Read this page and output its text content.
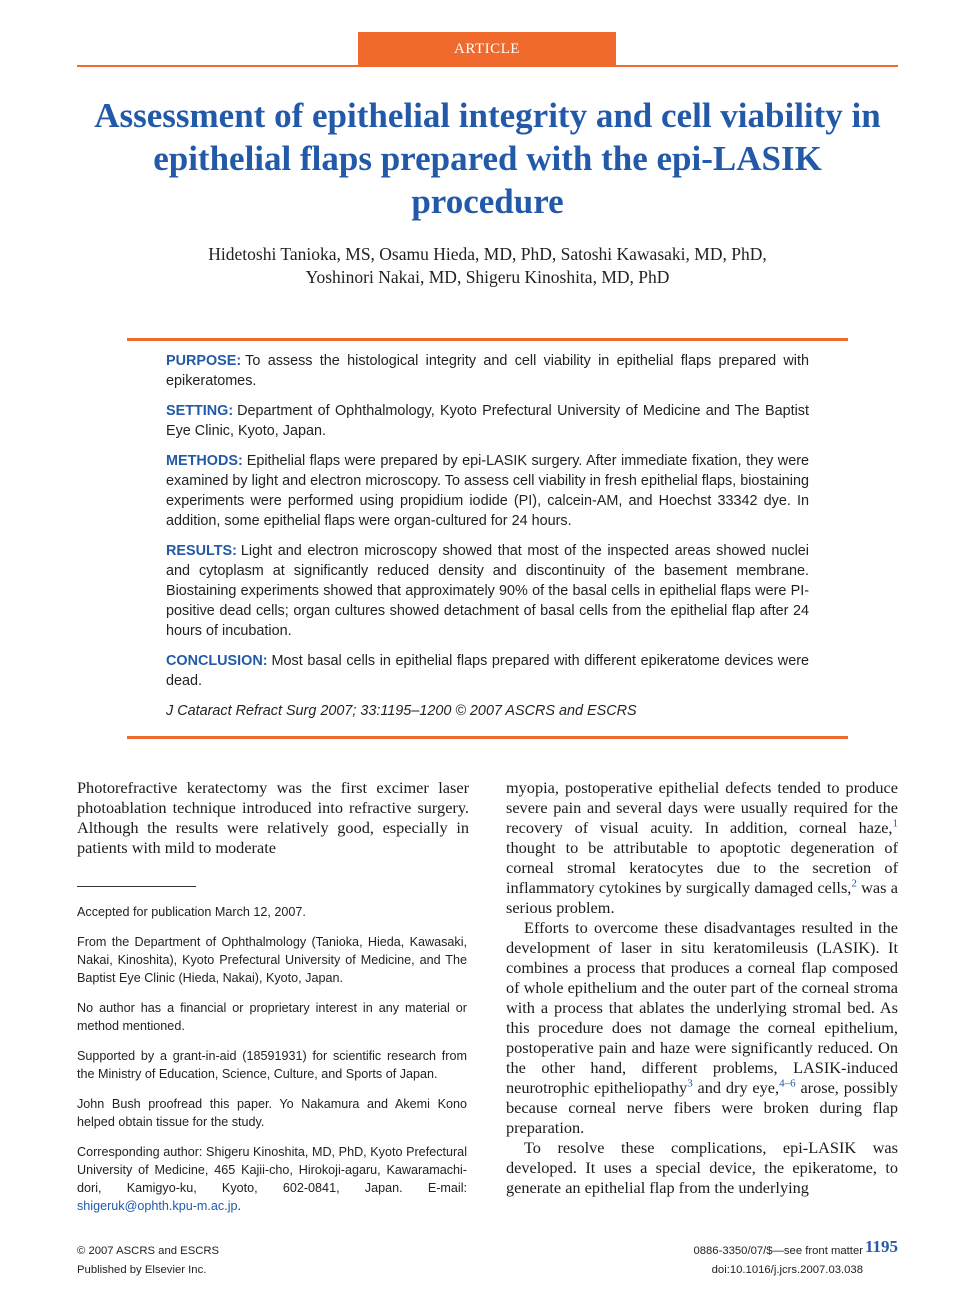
ARTICLE
Assessment of epithelial integrity and cell viability in epithelial flaps prepared with the epi-LASIK procedure
Hidetoshi Tanioka, MS, Osamu Hieda, MD, PhD, Satoshi Kawasaki, MD, PhD,
Yoshinori Nakai, MD, Shigeru Kinoshita, MD, PhD

PURPOSE: To assess the histological integrity and cell viability in epithelial flaps prepared with epikeratomes.

SETTING: Department of Ophthalmology, Kyoto Prefectural University of Medicine and The Baptist Eye Clinic, Kyoto, Japan.

METHODS: Epithelial flaps were prepared by epi-LASIK surgery. After immediate fixation, they were examined by light and electron microscopy. To assess cell viability in fresh epithelial flaps, biostaining experiments were performed using propidium iodide (PI), calcein-AM, and Hoechst 33342 dye. In addition, some epithelial flaps were organ-cultured for 24 hours.

RESULTS: Light and electron microscopy showed that most of the inspected areas showed nuclei and cytoplasm at significantly reduced density and discontinuity of the basement membrane. Biostaining experiments showed that approximately 90% of the basal cells in epithelial flaps were PI-positive dead cells; organ cultures showed detachment of basal cells from the epithelial flap after 24 hours of incubation.

CONCLUSION: Most basal cells in epithelial flaps prepared with different epikeratome devices were dead.

J Cataract Refract Surg 2007; 33:1195–1200 © 2007 ASCRS and ESCRS

Photorefractive keratectomy was the first excimer laser photoablation technique introduced into refractive surgery. Although the results were relatively good, especially in patients with mild to moderate

Accepted for publication March 12, 2007.

From the Department of Ophthalmology (Tanioka, Hieda, Kawasaki, Nakai, Kinoshita), Kyoto Prefectural University of Medicine, and The Baptist Eye Clinic (Hieda, Nakai), Kyoto, Japan.

No author has a financial or proprietary interest in any material or method mentioned.

Supported by a grant-in-aid (18591931) for scientific research from the Ministry of Education, Science, Culture, and Sports of Japan.

John Bush proofread this paper. Yo Nakamura and Akemi Kono helped obtain tissue for the study.

Corresponding author: Shigeru Kinoshita, MD, PhD, Kyoto Prefectural University of Medicine, 465 Kajii-cho, Hirokoji-agaru, Kawaramachi-dori, Kamigyo-ku, Kyoto, 602-0841, Japan. E-mail: shigeruk@ophth.kpu-m.ac.jp.

myopia, postoperative epithelial defects tended to produce severe pain and several days were usually required for the recovery of visual acuity. In addition, corneal haze,$^1$ thought to be attributable to apoptotic degeneration of corneal stromal keratocytes due to the secretion of inflammatory cytokines by surgically damaged cells,$^2$ was a serious problem.

Efforts to overcome these disadvantages resulted in the development of laser in situ keratomileusis (LASIK). It combines a process that produces a corneal flap composed of whole epithelium and the outer part of the corneal stroma with a process that ablates the underlying stromal bed. As this procedure does not damage the corneal epithelium, postoperative pain and haze were significantly reduced. On the other hand, different problems, LASIK-induced neurotrophic epitheliopathy$^3$ and dry eye,$^{4-6}$ arose, possibly because corneal nerve fibers were broken during flap preparation.

To resolve these complications, epi-LASIK was developed. It uses a special device, the epikeratome, to generate an epithelial flap from the underlying

© 2007 ASCRS and ESCRS
Published by Elsevier Inc.
0886-3350/07/$—see front matter
doi:10.1016/j.jcrs.2007.03.038
1195
